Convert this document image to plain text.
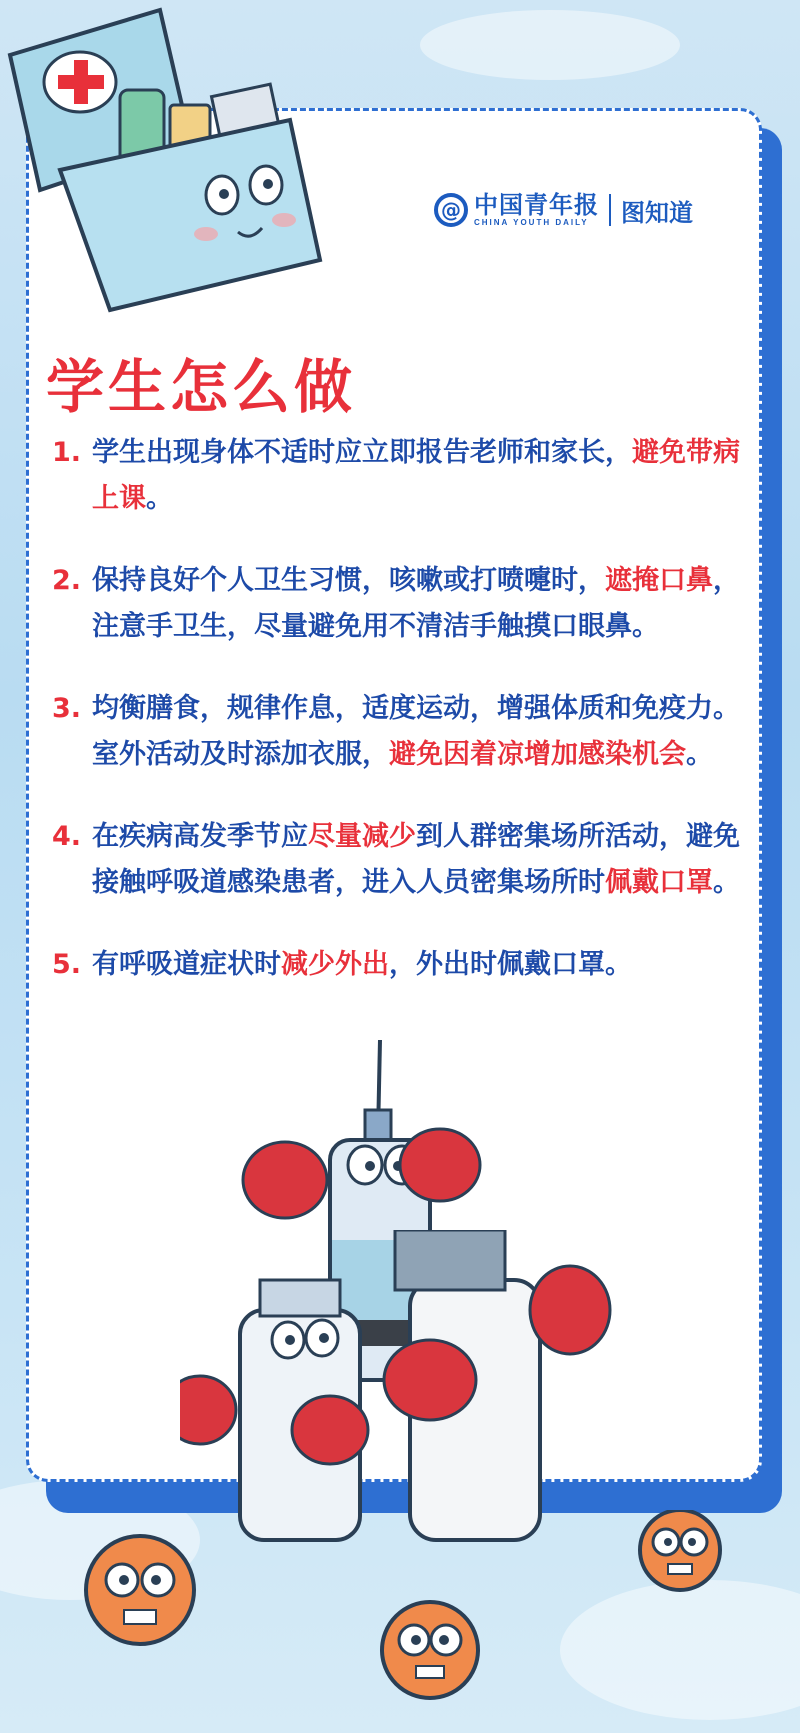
@ 中国青年报
CHINA YOUTH DAILY	图知道
学生怎么做
1. 学生出现身体不适时应立即报告老师和家长，避免带病上课。
2. 保持良好个人卫生习惯，咳嗽或打喷嚏时，遮掩口鼻，注意手卫生，尽量避免用不清洁手触摸口眼鼻。
3. 均衡膳食，规律作息，适度运动，增强体质和免疫力。室外活动及时添加衣服，避免因着凉增加感染机会。
4. 在疾病高发季节应尽量减少到人群密集场所活动，避免接触呼吸道感染患者，进入人员密集场所时佩戴口罩。
5. 有呼吸道症状时减少外出，外出时佩戴口罩。
